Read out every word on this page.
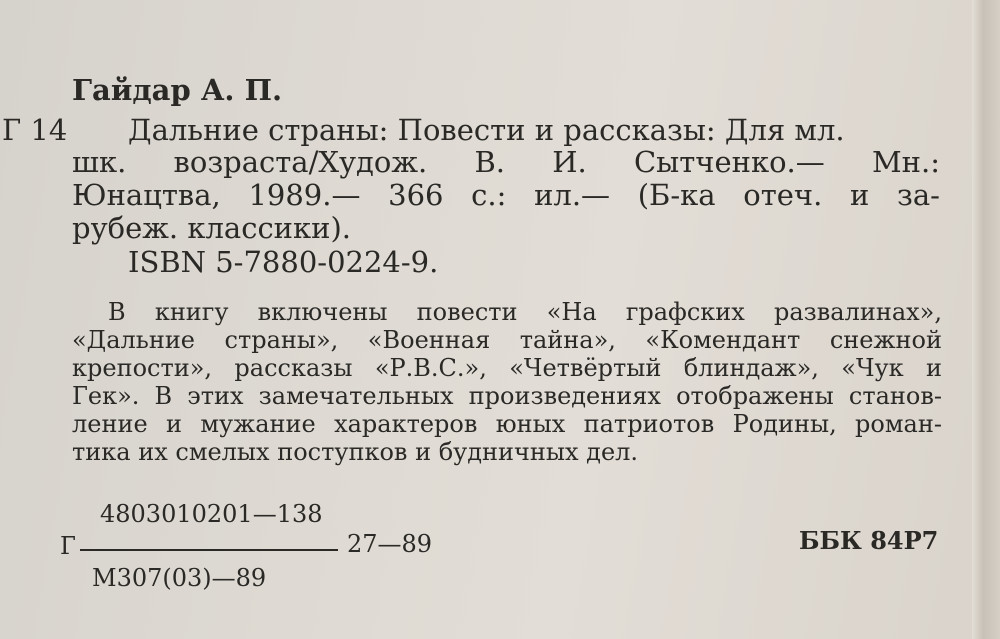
Гайдар А. П.
Г 14 Дальние страны: Повести и рассказы: Для мл.
шк. возраста/Худож. В. И. Сытченко.— Мн.:
Юнацтва, 1989.— 366 с.: ил.— (Б-ка отеч. и за-
рубеж. классики).
ISBN 5-7880-0224-9.
В книгу включены повести «На графских развалинах»,
«Дальние страны», «Военная тайна», «Комендант снежной
крепости», рассказы «Р.В.С.», «Четвёртый блиндаж», «Чук и
Гек». В этих замечательных произведениях отображены станов-
ление и мужание характеров юных патриотов Родины, роман-
тика их смелых поступков и будничных дел.
4803010201—138
Г	27—89
М307(03)—89
ББК 84Р7
